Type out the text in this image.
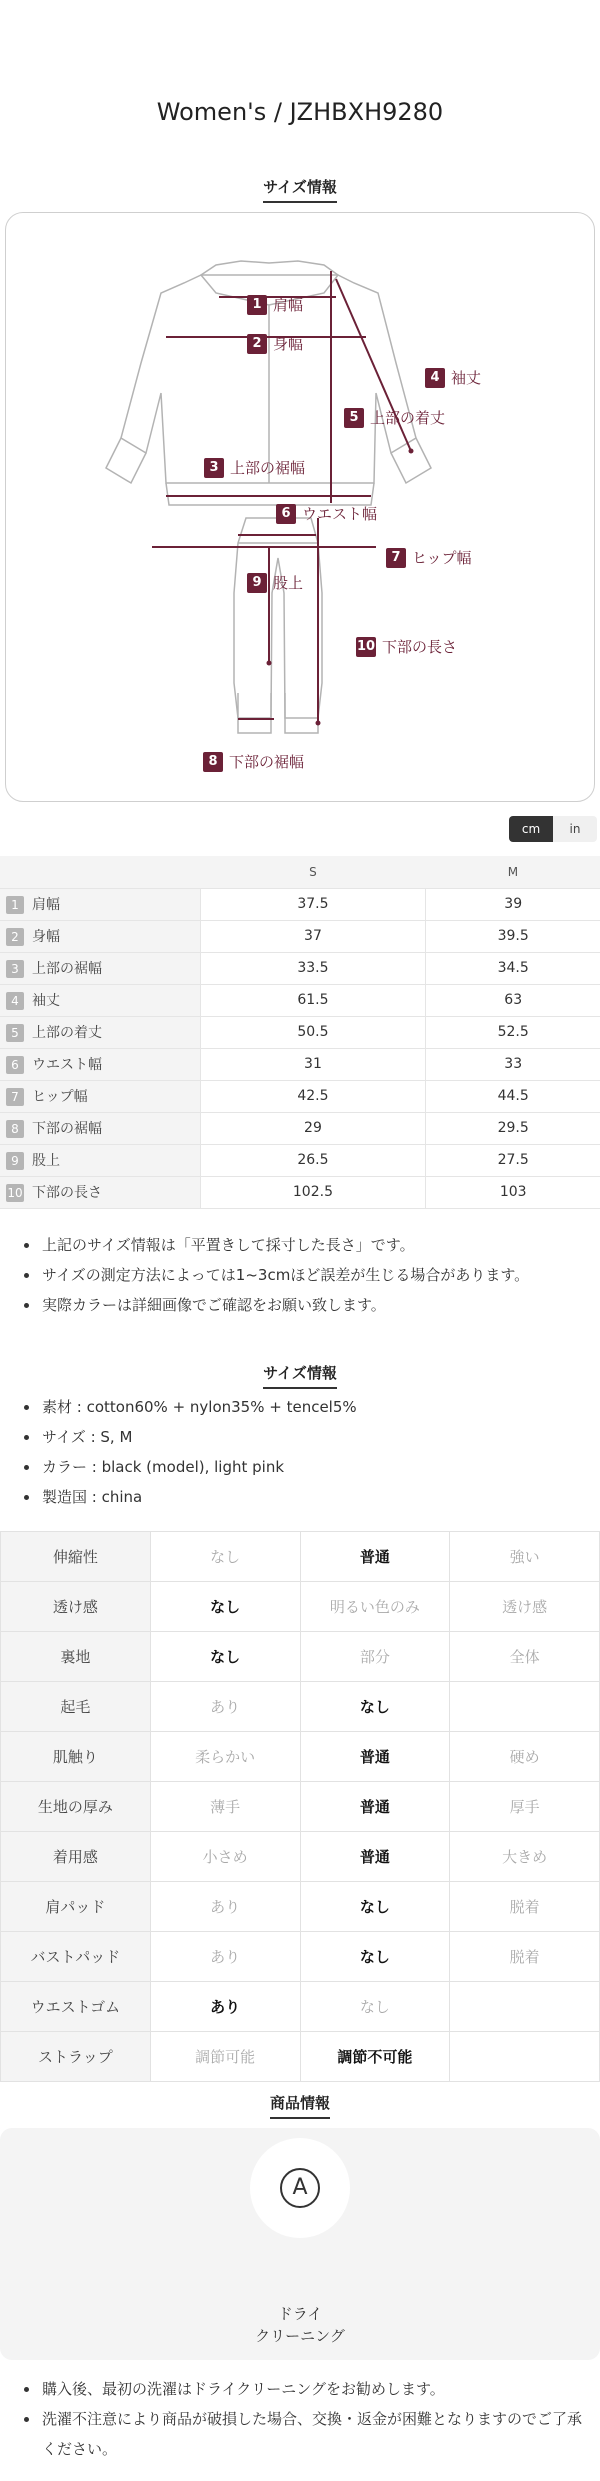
Women's / JZHBXH9280
サイズ情報
1 肩幅
2 身幅
3 上部の裾幅
4 袖丈
5 上部の着丈
6 ウエスト幅
7 ヒップ幅
8 下部の裾幅
9 股上
10 下部の長さ
cm	in
	S	M
1 肩幅	37.5	39
2 身幅	37	39.5
3 上部の裾幅	33.5	34.5
4 袖丈	61.5	63
5 上部の着丈	50.5	52.5
6 ウエスト幅	31	33
7 ヒップ幅	42.5	44.5
8 下部の裾幅	29	29.5
9 股上	26.5	27.5
10 下部の長さ	102.5	103
上記のサイズ情報は「平置きして採寸した長さ」です。
サイズの測定方法によっては1~3cmほど誤差が生じる場合があります。
実際カラーは詳細画像でご確認をお願い致します。
サイズ情報
素材 : cotton60% + nylon35% + tencel5%
サイズ : S, M
カラー : black (model), light pink
製造国 : china
伸縮性	なし	普通	強い
透け感	なし	明るい色のみ	透け感
裏地	なし	部分	全体
起毛	あり	なし	
肌触り	柔らかい	普通	硬め
生地の厚み	薄手	普通	厚手
着用感	小さめ	普通	大きめ
肩パッド	あり	なし	脱着
バストパッド	あり	なし	脱着
ウエストゴム	あり	なし	
ストラップ	調節可能	調節不可能	
商品情報
A
ドライ
クリーニング
購入後、最初の洗濯はドライクリーニングをお勧めします。
洗濯不注意により商品が破損した場合、交換・返金が困難となりますのでご了承ください。
